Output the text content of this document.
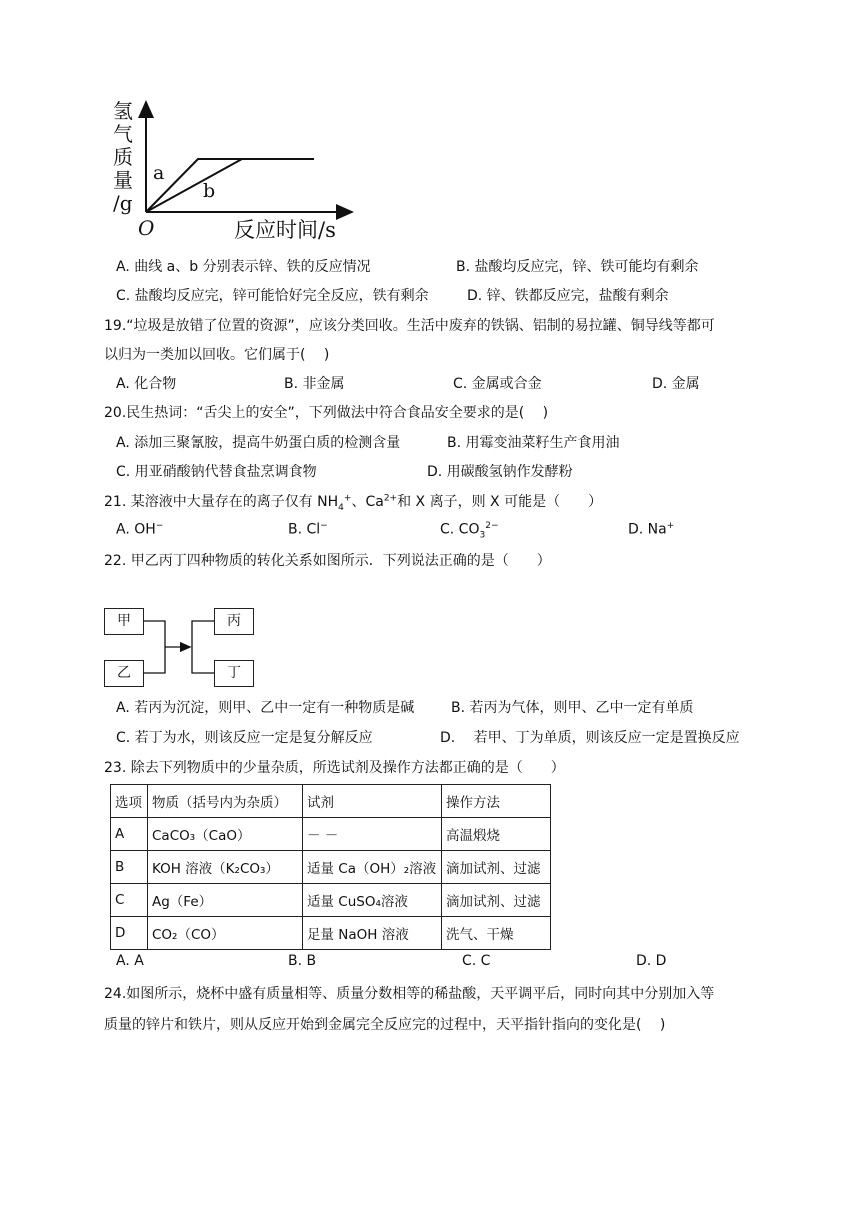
氢
气
质
量
/g
O	反应时间/s
a
b
A. 曲线 a、b 分别表示锌、铁的反应情况	B. 盐酸均反应完，锌、铁可能均有剩余
C. 盐酸均反应完，锌可能恰好完全反应，铁有剩余	D. 锌、铁都反应完，盐酸有剩余
19.“垃圾是放错了位置的资源”，应该分类回收。生活中废弃的铁锅、铝制的易拉罐、铜导线等都可
以归为一类加以回收。它们属于(　 )
A. 化合物	B. 非金属	C. 金属或合金	D. 金属
20.民生热词：“舌尖上的安全”，下列做法中符合食品安全要求的是(　 )
A. 添加三聚氰胺，提高牛奶蛋白质的检测含量	B. 用霉变油菜籽生产食用油
C. 用亚硝酸钠代替食盐烹调食物	D. 用碳酸氢钠作发酵粉
21. 某溶液中大量存在的离子仅有 $NH_4^+$、$Ca^{2+}$和 X 离子，则 X 可能是（　　）
A. OH−	B. Cl−	C. $CO_3^{2-}$	D. Na+
22. 甲乙丙丁四种物质的转化关系如图所示．下列说法正确的是（　　）
甲
乙
丙
丁
A. 若丙为沉淀，则甲、乙中一定有一种物质是碱	B. 若丙为气体，则甲、乙中一定有单质
C. 若丁为水，则该反应一定是复分解反应	D.　 若甲、丁为单质，则该反应一定是置换反应
23. 除去下列物质中的少量杂质，所选试剂及操作方法都正确的是（　　）
选项	物质（括号内为杂质）	试剂	操作方法
A	CaCO₃（CaO）	－ －	高温煅烧
B	KOH 溶液（K₂CO₃）	适量 Ca（OH）₂溶液	滴加试剂、过滤
C	Ag（Fe）	适量 CuSO₄溶液	滴加试剂、过滤
D	CO₂（CO）	足量 NaOH 溶液	洗气、干燥
A. A	B. B	C. C	D. D
24.如图所示，烧杯中盛有质量相等、质量分数相等的稀盐酸，天平调平后，同时向其中分别加入等
质量的锌片和铁片，则从反应开始到金属完全反应完的过程中，天平指针指向的变化是(　 )
